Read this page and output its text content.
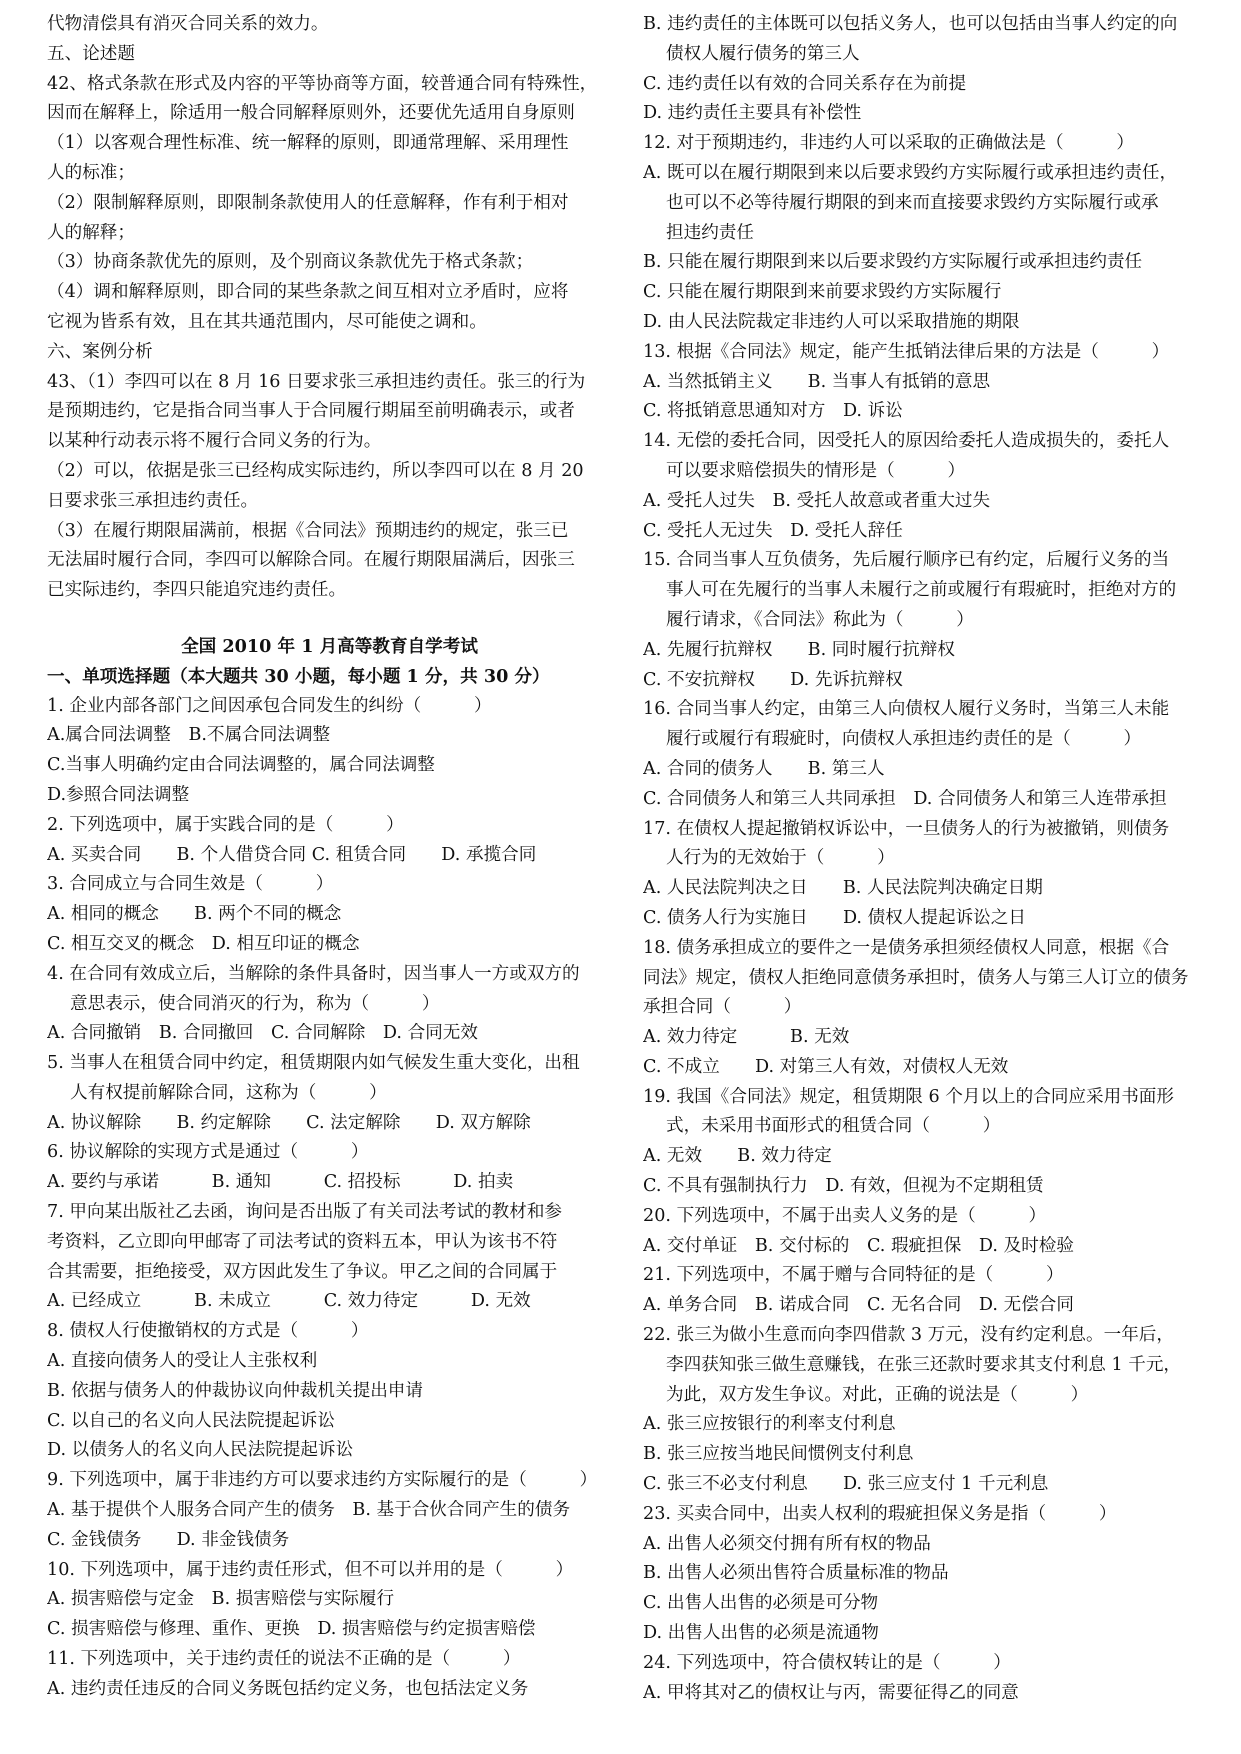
代物清偿具有消灭合同关系的效力。
五、论述题
42、格式条款在形式及内容的平等协商等方面，较普通合同有特殊性，
因而在解释上，除适用一般合同解释原则外，还要优先适用自身原则
（1）以客观合理性标准、统一解释的原则，即通常理解、采用理性
人的标准；
（2）限制解释原则，即限制条款使用人的任意解释，作有利于相对
人的解释；
（3）协商条款优先的原则，及个别商议条款优先于格式条款；
（4）调和解释原则，即合同的某些条款之间互相对立矛盾时，应将
它视为皆系有效，且在其共通范围内，尽可能使之调和。
六、案例分析
43、（1）李四可以在 8 月 16 日要求张三承担违约责任。张三的行为
是预期违约，它是指合同当事人于合同履行期届至前明确表示，或者
以某种行动表示将不履行合同义务的行为。
（2）可以，依据是张三已经构成实际违约，所以李四可以在 8 月 20
日要求张三承担违约责任。
（3）在履行期限届满前，根据《合同法》预期违约的规定，张三已
无法届时履行合同，李四可以解除合同。在履行期限届满后，因张三
已实际违约，李四只能追究违约责任。
全国 2010 年 1 月高等教育自学考试
一、单项选择题（本大题共 30 小题，每小题 1 分，共 30 分）
1. 企业内部各部门之间因承包合同发生的纠纷（　　　）
A.属合同法调整　B.不属合同法调整
C.当事人明确约定由合同法调整的，属合同法调整
D.参照合同法调整
2. 下列选项中，属于实践合同的是（　　　）
A. 买卖合同　　B. 个人借贷合同 C. 租赁合同　　D. 承揽合同
3. 合同成立与合同生效是（　　　）
A. 相同的概念　　B. 两个不同的概念
C. 相互交叉的概念　D. 相互印证的概念
4. 在合同有效成立后，当解除的条件具备时，因当事人一方或双方的
意思表示，使合同消灭的行为，称为（　　　）
A. 合同撤销　B. 合同撤回　C. 合同解除　D. 合同无效
5. 当事人在租赁合同中约定，租赁期限内如气候发生重大变化，出租
人有权提前解除合同，这称为（　　　）
A. 协议解除　　B. 约定解除　　C. 法定解除　　D. 双方解除
6. 协议解除的实现方式是通过（　　　）
A. 要约与承诺　　　B. 通知　　　C. 招投标　　　D. 拍卖
7. 甲向某出版社乙去函，询问是否出版了有关司法考试的教材和参
考资料，乙立即向甲邮寄了司法考试的资料五本，甲认为该书不符
合其需要，拒绝接受，双方因此发生了争议。甲乙之间的合同属于
A. 已经成立　　　B. 未成立　　　C. 效力待定　　　D. 无效
8. 债权人行使撤销权的方式是（　　　）
A. 直接向债务人的受让人主张权利
B. 依据与债务人的仲裁协议向仲裁机关提出申请
C. 以自己的名义向人民法院提起诉讼
D. 以债务人的名义向人民法院提起诉讼
9. 下列选项中，属于非违约方可以要求违约方实际履行的是（　　　）
A. 基于提供个人服务合同产生的债务　B. 基于合伙合同产生的债务
C. 金钱债务　　D. 非金钱债务
10. 下列选项中，属于违约责任形式，但不可以并用的是（　　　）
A. 损害赔偿与定金　B. 损害赔偿与实际履行
C. 损害赔偿与修理、重作、更换　D. 损害赔偿与约定损害赔偿
11. 下列选项中，关于违约责任的说法不正确的是（　　　）
A. 违约责任违反的合同义务既包括约定义务，也包括法定义务
B. 违约责任的主体既可以包括义务人，也可以包括由当事人约定的向
债权人履行债务的第三人
C. 违约责任以有效的合同关系存在为前提
D. 违约责任主要具有补偿性
12. 对于预期违约，非违约人可以采取的正确做法是（　　　）
A. 既可以在履行期限到来以后要求毁约方实际履行或承担违约责任，
也可以不必等待履行期限的到来而直接要求毁约方实际履行或承
担违约责任
B. 只能在履行期限到来以后要求毁约方实际履行或承担违约责任
C. 只能在履行期限到来前要求毁约方实际履行
D. 由人民法院裁定非违约人可以采取措施的期限
13. 根据《合同法》规定，能产生抵销法律后果的方法是（　　　）
A. 当然抵销主义　　B. 当事人有抵销的意思
C. 将抵销意思通知对方　D. 诉讼
14. 无偿的委托合同，因受托人的原因给委托人造成损失的，委托人
可以要求赔偿损失的情形是（　　　）
A. 受托人过失　B. 受托人故意或者重大过失
C. 受托人无过失　D. 受托人辞任
15. 合同当事人互负债务，先后履行顺序已有约定，后履行义务的当
事人可在先履行的当事人未履行之前或履行有瑕疵时，拒绝对方的
履行请求，《合同法》称此为（　　　）
A. 先履行抗辩权　　B. 同时履行抗辩权
C. 不安抗辩权　　D. 先诉抗辩权
16. 合同当事人约定，由第三人向债权人履行义务时，当第三人未能
履行或履行有瑕疵时，向债权人承担违约责任的是（　　　）
A. 合同的债务人　　B. 第三人
C. 合同债务人和第三人共同承担　D. 合同债务人和第三人连带承担
17. 在债权人提起撤销权诉讼中，一旦债务人的行为被撤销，则债务
人行为的无效始于（　　　）
A. 人民法院判决之日　　B. 人民法院判决确定日期
C. 债务人行为实施日　　D. 债权人提起诉讼之日
18. 债务承担成立的要件之一是债务承担须经债权人同意，根据《合
同法》规定，债权人拒绝同意债务承担时，债务人与第三人订立的债务
承担合同（　　　）
A. 效力待定　　　B. 无效
C. 不成立　　D. 对第三人有效，对债权人无效
19. 我国《合同法》规定，租赁期限 6 个月以上的合同应采用书面形
式，未采用书面形式的租赁合同（　　　）
A. 无效　　B. 效力待定
C. 不具有强制执行力　D. 有效，但视为不定期租赁
20. 下列选项中，不属于出卖人义务的是（　　　）
A. 交付单证　B. 交付标的　C. 瑕疵担保　D. 及时检验
21. 下列选项中，不属于赠与合同特征的是（　　　）
A. 单务合同　B. 诺成合同　C. 无名合同　D. 无偿合同
22. 张三为做小生意而向李四借款 3 万元，没有约定利息。一年后，
李四获知张三做生意赚钱，在张三还款时要求其支付利息 1 千元，
为此，双方发生争议。对此，正确的说法是（　　　）
A. 张三应按银行的利率支付利息
B. 张三应按当地民间惯例支付利息
C. 张三不必支付利息　　D. 张三应支付 1 千元利息
23. 买卖合同中，出卖人权利的瑕疵担保义务是指（　　　）
A. 出售人必须交付拥有所有权的物品
B. 出售人必须出售符合质量标准的物品
C. 出售人出售的必须是可分物
D. 出售人出售的必须是流通物
24. 下列选项中，符合债权转让的是（　　　）
A. 甲将其对乙的债权让与丙，需要征得乙的同意
